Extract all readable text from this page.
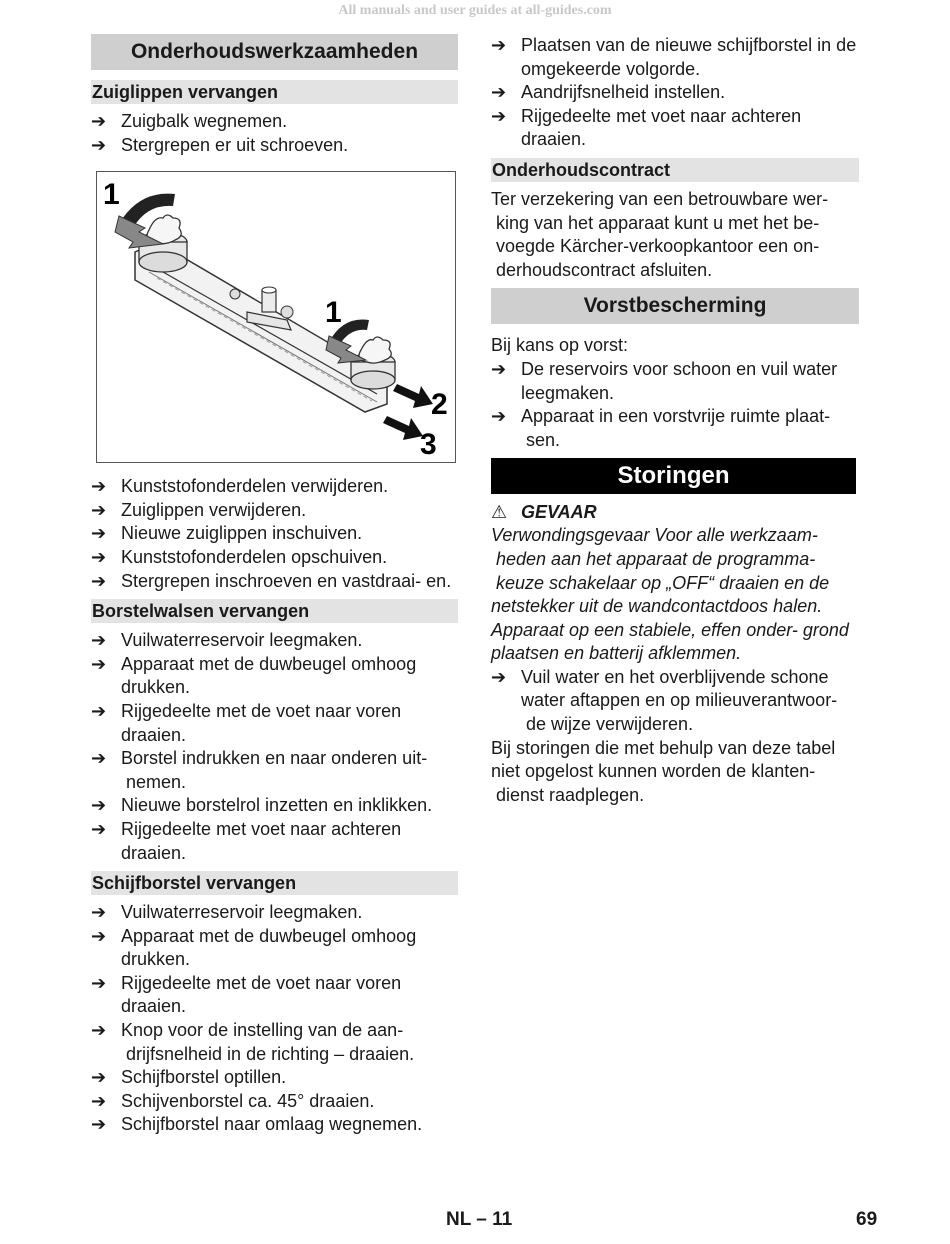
All manuals and user guides at all-guides.com
Onderhoudswerkzaamheden
Zuiglippen vervangen
➔ Zuigbalk wegnemen.
➔ Stergrepen er uit schroeven.
1
1
2
3
➔ Kunststofonderdelen verwijderen.
➔ Zuiglippen verwijderen.
➔ Nieuwe zuiglippen inschuiven.
➔ Kunststofonderdelen opschuiven.
➔ Stergrepen inschroeven en vastdraai- en.
Borstelwalsen vervangen
➔ Vuilwaterreservoir leegmaken.
➔ Apparaat met de duwbeugel omhoog drukken.
➔ Rijgedeelte met de voet naar voren draaien.
➔ Borstel indrukken en naar onderen uit- nemen.
➔ Nieuwe borstelrol inzetten en inklikken.
➔ Rijgedeelte met voet naar achteren draaien.
Schijfborstel vervangen
➔ Vuilwaterreservoir leegmaken.
➔ Apparaat met de duwbeugel omhoog drukken.
➔ Rijgedeelte met de voet naar voren draaien.
➔ Knop voor de instelling van de aan- drijfsnelheid in de richting – draaien.
➔ Schijfborstel optillen.
➔ Schijvenborstel ca. 45° draaien.
➔ Schijfborstel naar omlaag wegnemen.
➔ Plaatsen van de nieuwe schijfborstel in de omgekeerde volgorde.
➔ Aandrijfsnelheid instellen.
➔ Rijgedeelte met voet naar achteren draaien.
Onderhoudscontract

Ter verzekering van een betrouwbare wer- king van het apparaat kunt u met het be- voegde Kärcher-verkoopkantoor een on- derhoudscontract afsluiten.

Vorstbescherming

Bij kans op vorst:

➔ De reservoirs voor schoon en vuil water leegmaken.
➔ Apparaat in een vorstvrije ruimte plaat- sen.
Storingen

⚠ GEVAAR

Verwondingsgevaar Voor alle werkzaam- heden aan het apparaat de programma- keuze schakelaar op „OFF“ draaien en de netstekker uit de wandcontactdoos halen. Apparaat op een stabiele, effen onder- grond plaatsen en batterij afklemmen.

➔ Vuil water en het overblijvende schone water aftappen en op milieuverantwoor- de wijze verwijderen.

Bij storingen die met behulp van deze tabel niet opgelost kunnen worden de klanten- dienst raadplegen.

NL – 11	69
